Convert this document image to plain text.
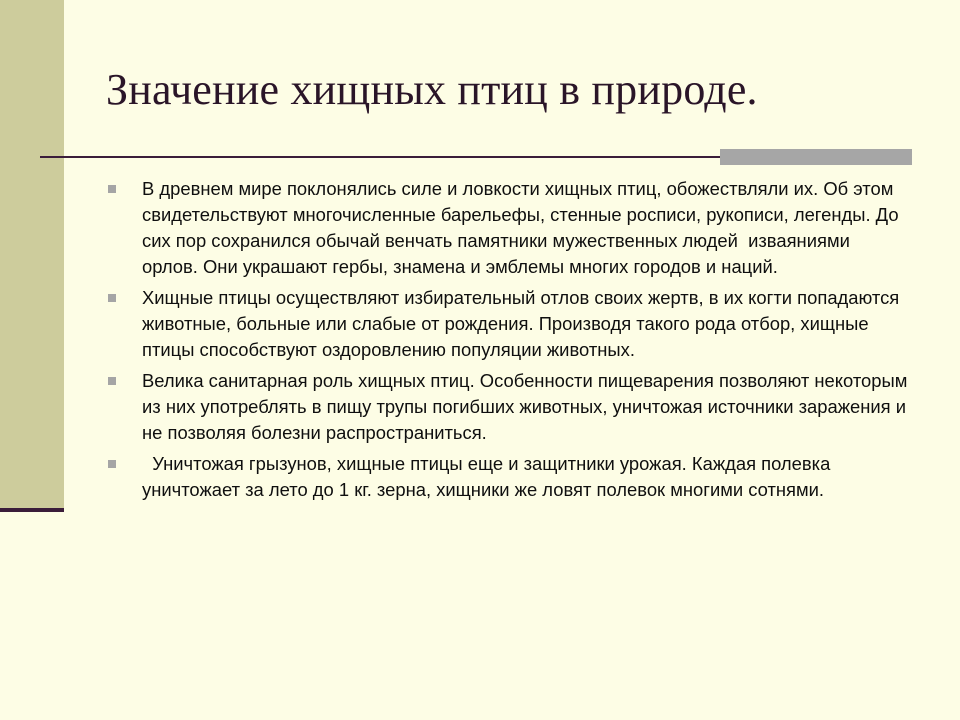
Значение хищных птиц в природе.
В древнем мире поклонялись силе и ловкости хищных птиц, обожествляли их. Об этом свидетельствуют многочисленные барельефы, стенные росписи, рукописи, легенды. До сих пор сохранился обычай венчать памятники мужественных людей  изваяниями орлов. Они украшают гербы, знамена и эмблемы многих городов и наций.
Хищные птицы осуществляют избирательный отлов своих жертв, в их когти попадаются животные, больные или слабые от рождения. Производя такого рода отбор, хищные птицы способствуют оздоровлению популяции животных.
Велика санитарная роль хищных птиц. Особенности пищеварения позволяют некоторым из них употреблять в пищу трупы погибших животных, уничтожая источники заражения и не позволяя болезни распространиться.
Уничтожая грызунов, хищные птицы еще и защитники урожая. Каждая полевка уничтожает за лето до 1 кг. зерна, хищники же ловят полевок многими сотнями.
